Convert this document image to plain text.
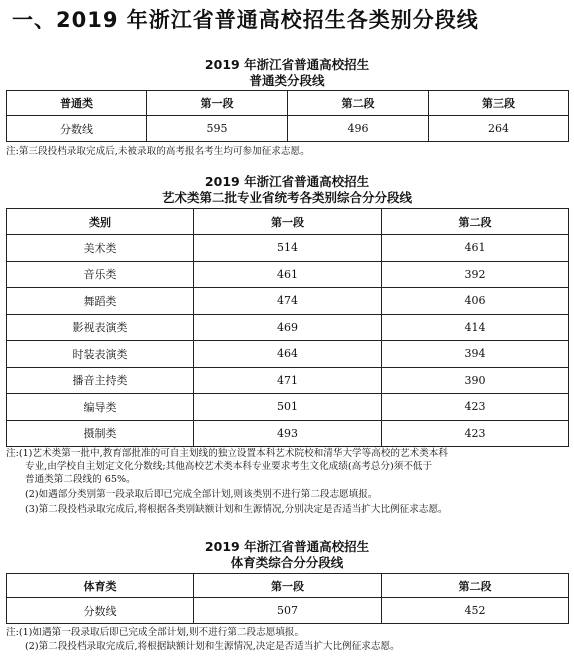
一、2019 年浙江省普通高校招生各类别分段线
2019 年浙江省普通高校招生
普通类分段线
普通类	第一段	第二段	第三段
分数线	595	496	264
注:第三段投档录取完成后,未被录取的高考报名考生均可参加征求志愿。
2019 年浙江省普通高校招生
艺术类第二批专业省统考各类别综合分分段线
类别	第一段	第二段
美术类	514	461
音乐类	461	392
舞蹈类	474	406
影视表演类	469	414
时装表演类	464	394
播音主持类	471	390
编导类	501	423
摄制类	493	423
注:(1)艺术类第一批中,教育部批准的可自主划线的独立设置本科艺术院校和清华大学等高校的艺术类本科
专业,由学校自主划定文化分数线;其他高校艺术类本科专业要求考生文化成绩(高考总分)须不低于
普通类第二段线的 65%。
(2)如遇部分类别第一段录取后即已完成全部计划,则该类别不进行第二段志愿填报。
(3)第二段投档录取完成后,将根据各类别缺额计划和生源情况,分别决定是否适当扩大比例征求志愿。
2019 年浙江省普通高校招生
体育类综合分分段线
体育类	第一段	第二段
分数线	507	452
注:(1)如遇第一段录取后即已完成全部计划,则不进行第二段志愿填报。
(2)第二段投档录取完成后,将根据缺额计划和生源情况,决定是否适当扩大比例征求志愿。
